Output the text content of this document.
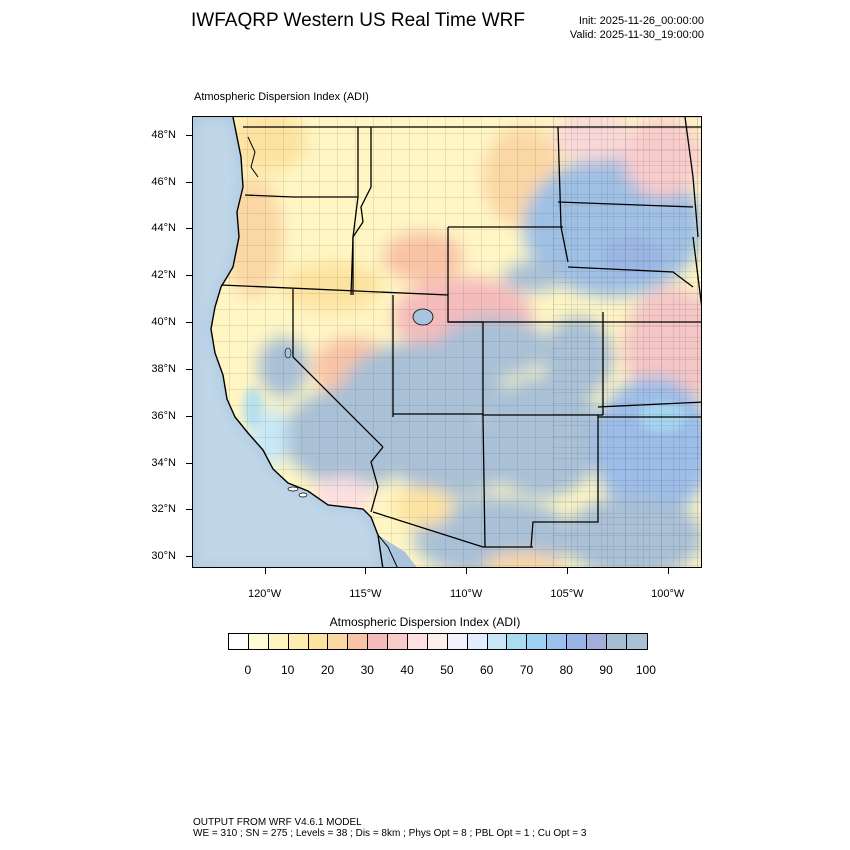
IWFAQRP Western US Real Time WRF	Init: 2025-11-26_00:00:00
Valid: 2025-11-30_19:00:00
Atmospheric Dispersion Index (ADI)
48°N
46°N
44°N
42°N
40°N
38°N
36°N
34°N
32°N
30°N
120°W	115°W	110°W	105°W	100°W
Atmospheric Dispersion Index (ADI)
0 10 20 30 40 50 60 70 80 90 100
OUTPUT FROM WRF V4.6.1 MODEL
WE = 310 ; SN = 275 ; Levels = 38 ; Dis = 8km ; Phys Opt = 8 ; PBL Opt = 1 ; Cu Opt = 3
